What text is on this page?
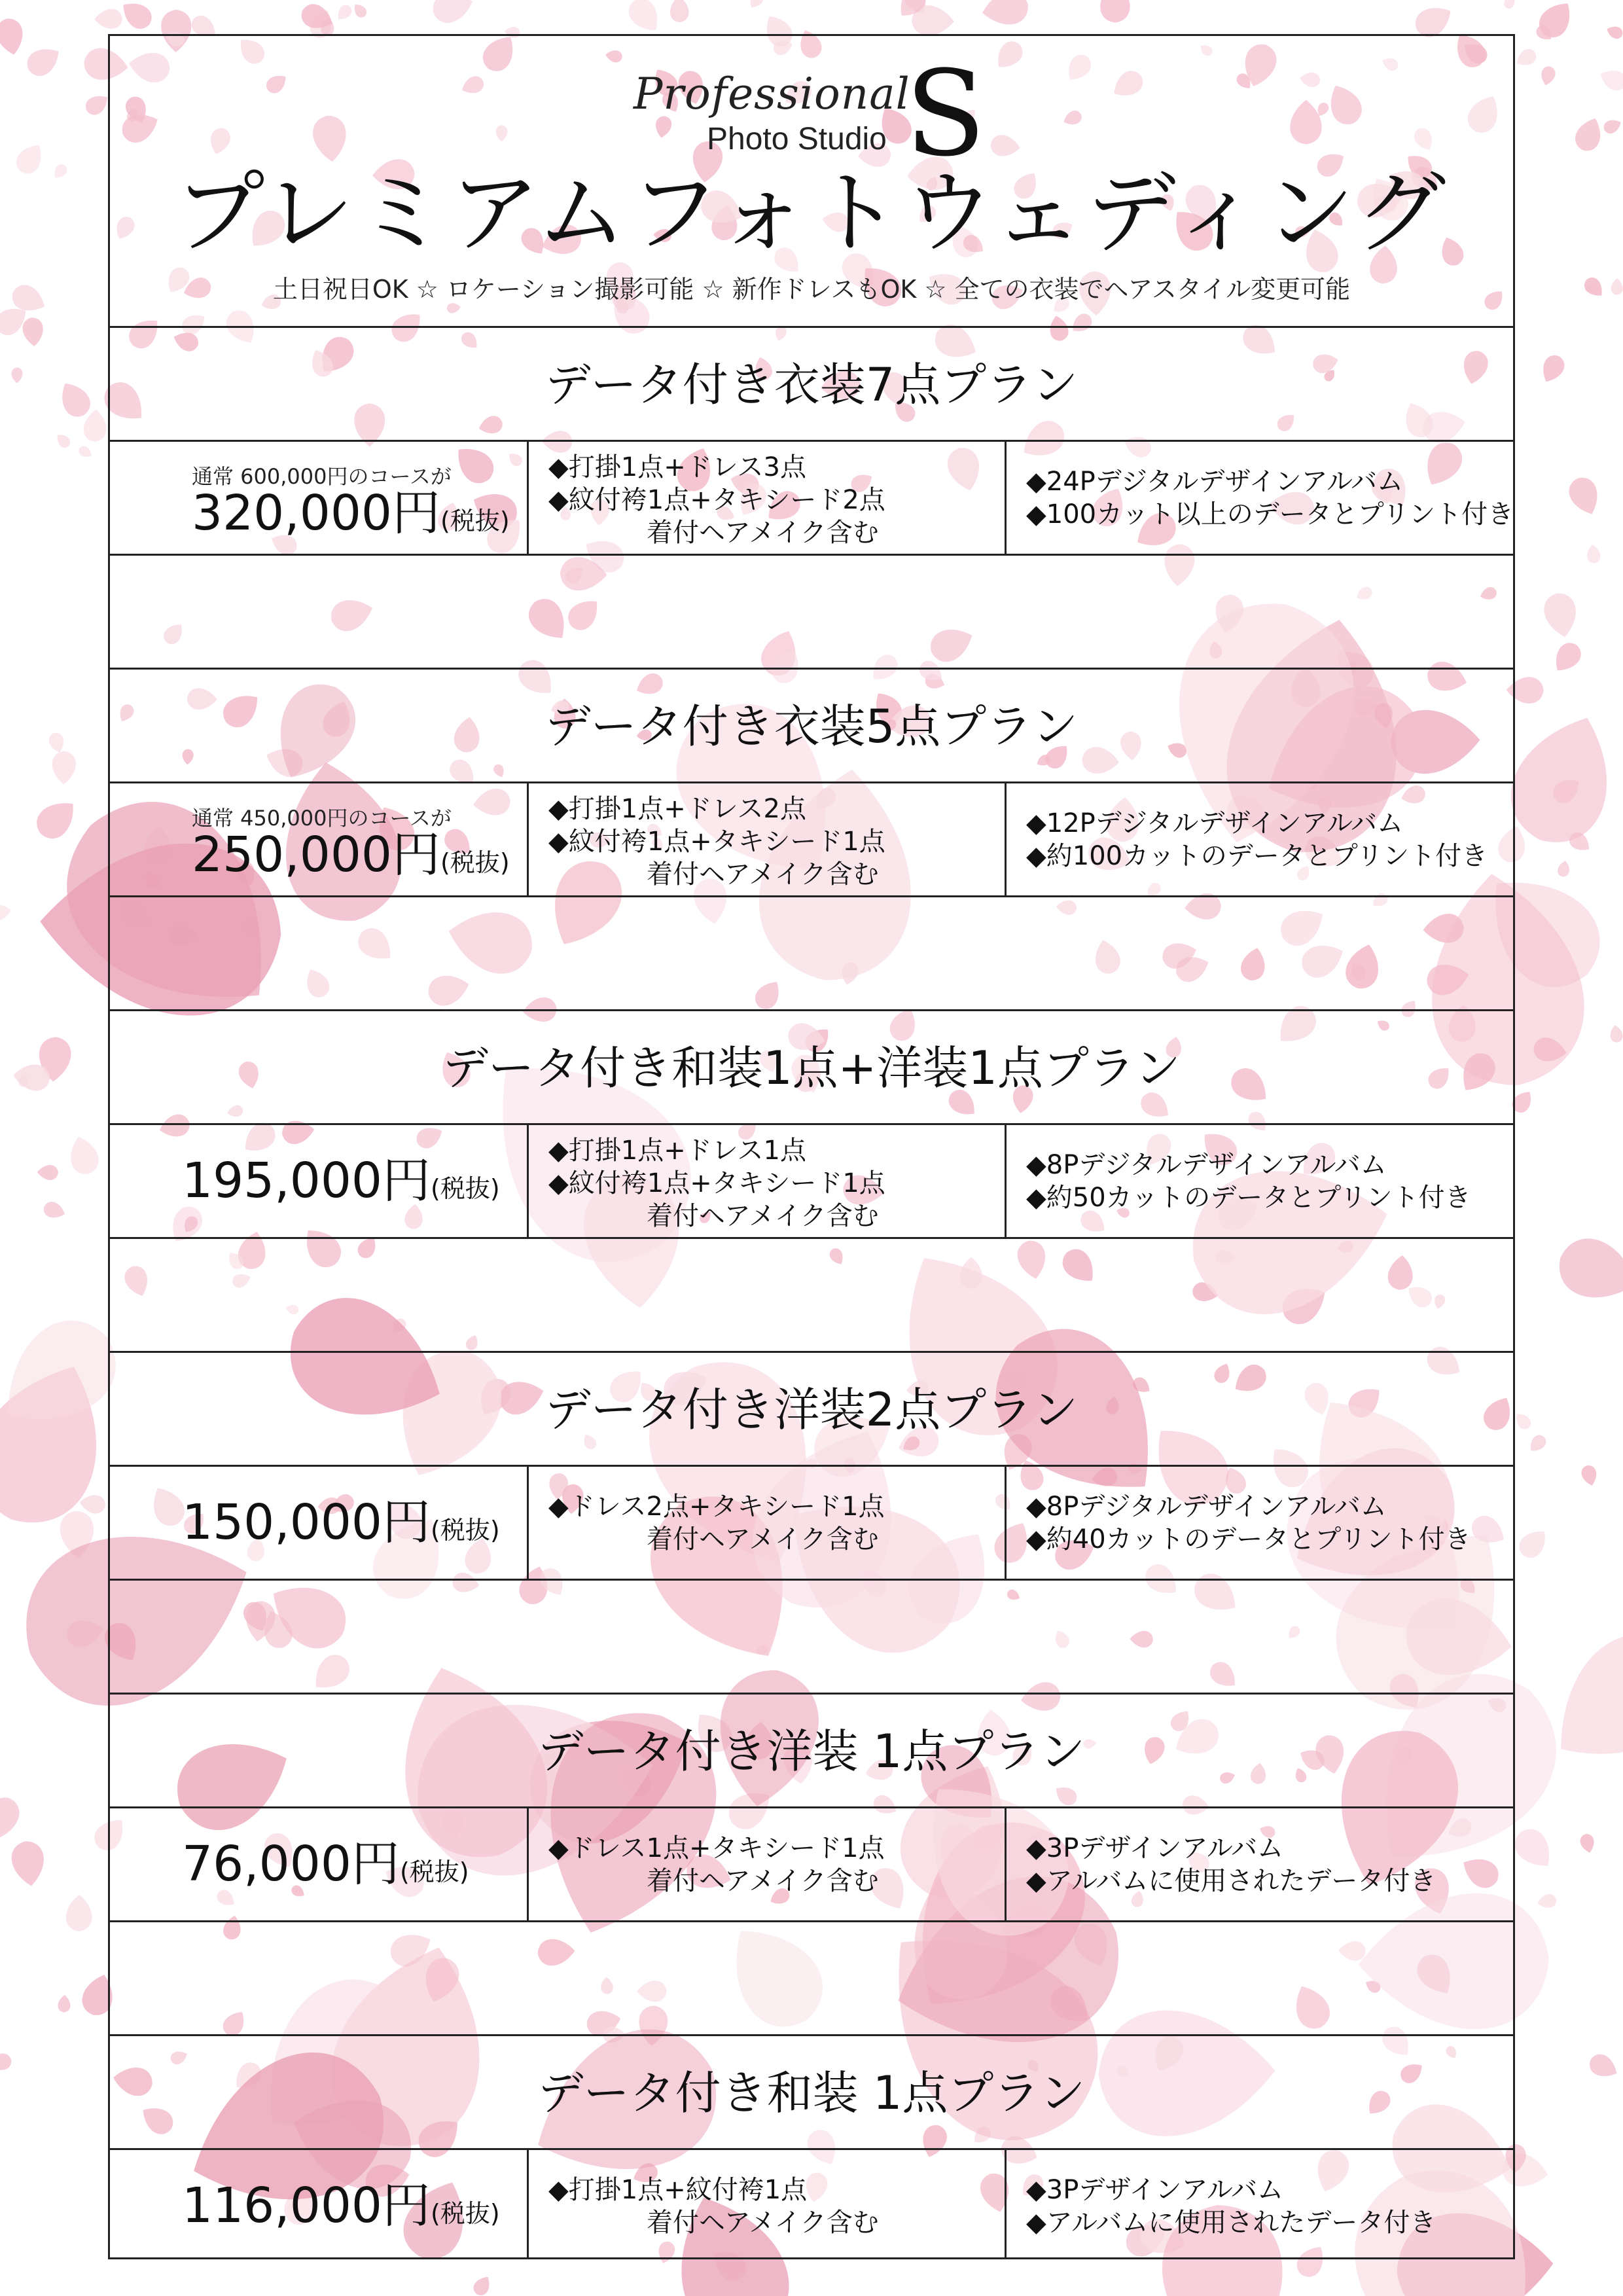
Professional
Photo Studio S
プレミアムフォトウェディング
土日祝日OK ☆ ロケーション撮影可能 ☆ 新作ドレスもOK ☆ 全ての衣装でヘアスタイル変更可能
データ付き衣装7点プラン
通常 600,000円のコースが
320,000円(税抜)
◆打掛1点+ドレス3点
◆紋付袴1点+タキシード2点
着付ヘアメイク含む
◆24Pデジタルデザインアルバム
◆100カット以上のデータとプリント付き
データ付き衣装5点プラン
通常 450,000円のコースが
250,000円(税抜)
◆打掛1点+ドレス2点
◆紋付袴1点+タキシード1点
着付ヘアメイク含む
◆12Pデジタルデザインアルバム
◆約100カットのデータとプリント付き
データ付き和装1点+洋装1点プラン
195,000円(税抜)
◆打掛1点+ドレス1点
◆紋付袴1点+タキシード1点
着付ヘアメイク含む
◆8Pデジタルデザインアルバム
◆約50カットのデータとプリント付き
データ付き洋装2点プラン
150,000円(税抜)
◆ドレス2点+タキシード1点
着付ヘアメイク含む
◆8Pデジタルデザインアルバム
◆約40カットのデータとプリント付き
データ付き洋装 1点プラン
76,000円(税抜)
◆ドレス1点+タキシード1点
着付ヘアメイク含む
◆3Pデザインアルバム
◆アルバムに使用されたデータ付き
データ付き和装 1点プラン
116,000円(税抜)
◆打掛1点+紋付袴1点
着付ヘアメイク含む
◆3Pデザインアルバム
◆アルバムに使用されたデータ付き
